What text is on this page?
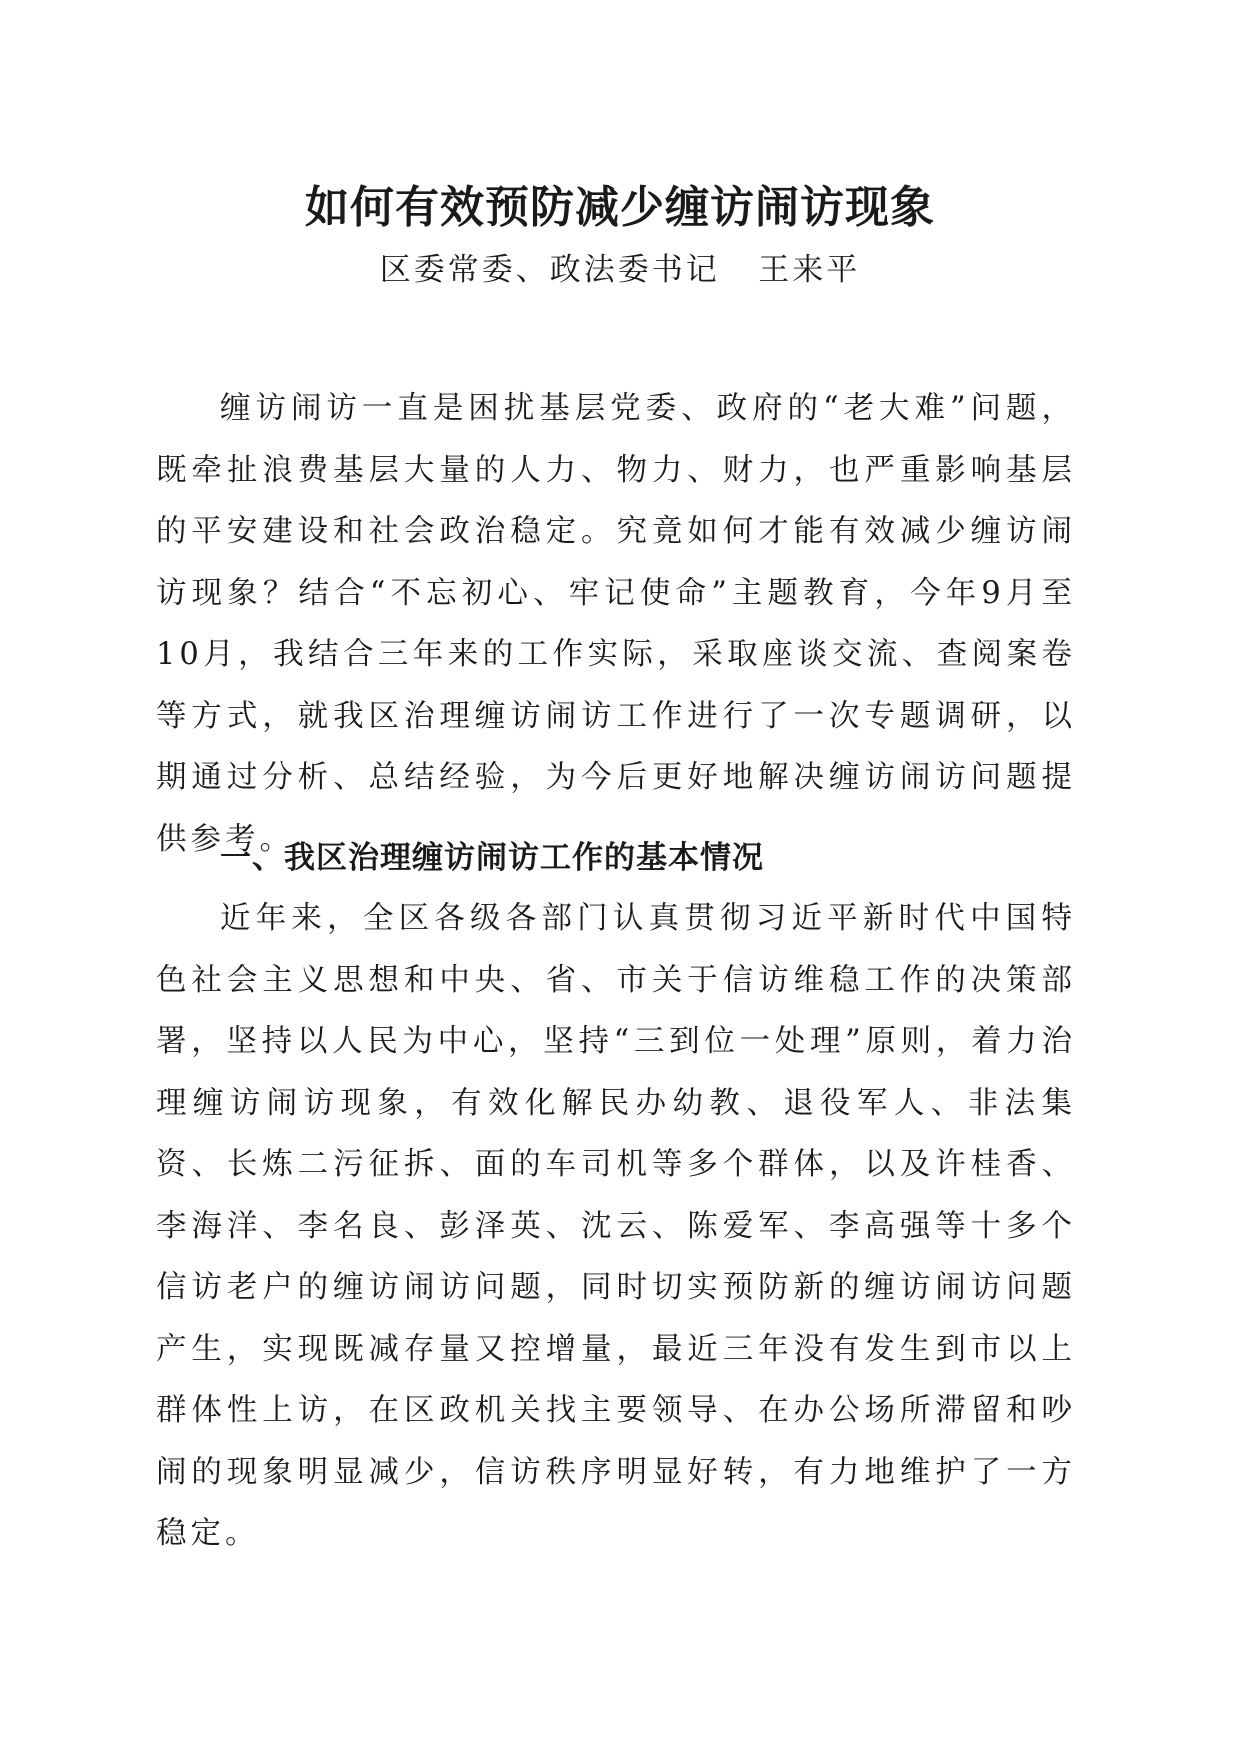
如何有效预防减少缠访闹访现象

区委常委、政法委书记   王来平

缠访闹访一直是困扰基层党委、政府的“老大难”问题，既牵扯浪费基层大量的人力、物力、财力，也严重影响基层的平安建设和社会政治稳定。究竟如何才能有效减少缠访闹访现象？结合“不忘初心、牢记使命”主题教育，今年9月至10月，我结合三年来的工作实际，采取座谈交流、查阅案卷等方式，就我区治理缠访闹访工作进行了一次专题调研，以期通过分析、总结经验，为今后更好地解决缠访闹访问题提供参考。

一、我区治理缠访闹访工作的基本情况

近年来，全区各级各部门认真贯彻习近平新时代中国特色社会主义思想和中央、省、市关于信访维稳工作的决策部署，坚持以人民为中心，坚持“三到位一处理”原则，着力治理缠访闹访现象，有效化解民办幼教、退役军人、非法集资、长炼二污征拆、面的车司机等多个群体，以及许桂香、李海洋、李名良、彭泽英、沈云、陈爱军、李高强等十多个信访老户的缠访闹访问题，同时切实预防新的缠访闹访问题产生，实现既减存量又控增量，最近三年没有发生到市以上群体性上访，在区政机关找主要领导、在办公场所滞留和吵闹的现象明显减少，信访秩序明显好转，有力地维护了一方稳定。
